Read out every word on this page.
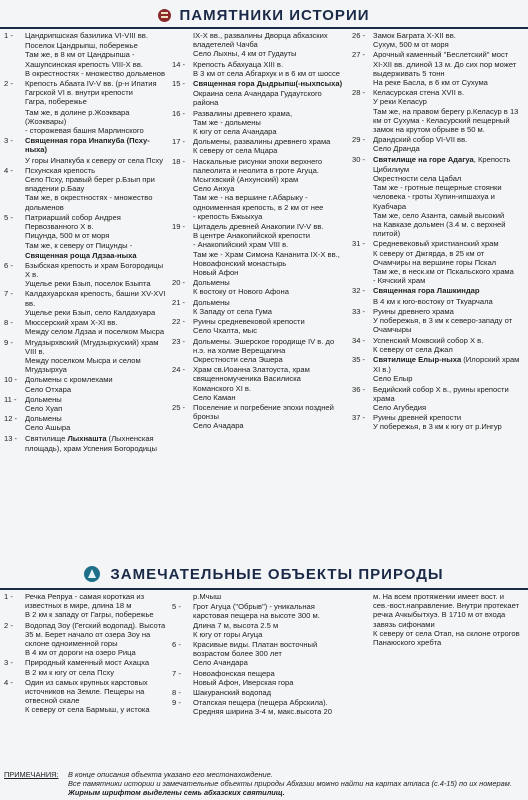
ПАМЯТНИКИ ИСТОРИИ
1 -	Цандрипшская базилика VI-VIII вв.
Поселок Цандрыпш, побережье
Там же, в 8 км от Цандрыпша -
Хашупсинская крепость VIII-Х вв.
В окрестностях - множество дольменов
2 -	Крепость Абаата IV-V вв. (р-н Ипатия
Гагрской VI в. внутри крепости
Гагра, побережье
Там же, в долине р.Жоэквара (Жоэквары)
- сторожевая башня Марлинского
3 -	Священная гора Инапкуба (Псху-ныха)
У горы Инапкуба к северу от села Псху
4 -	Псхунская крепость
Село Псху, правый берег р.Бзып при
впадении р.Баау
Там же, в окрестностях - множество
дольменов
5 -	Патриарший собор Андрея
Первозванного Х в.
Пицунда, 500 м от моря
Там же, к северу от Пицунды - Священная роща Лдзаа-ныха
6 -	Бзыбская крепость и храм Богородицы
Х в.
Ущелье реки Бзып, поселок Бзыпта
7 -	Калдахуарская крепость, башни XV-XVI
вв.
Ущелье реки Бзып, село Калдахуара
8 -	Мюссерский храм Х-XI вв.
Между селом Лдзаа и поселком Мысра
9 -	Мгудзырхвский (Мгудзырхуский) храм
VIII в.
Между поселком Мысра и селом
Мгудзырхуа
10 -	Дольмены с кромлехами
Село Отхара
11 -	Дольмены
Село Хуап
12 -	Дольмены
Село Ашыра
13 -	Святилище Лыхнашта (Лыхненская
площадь), храм Успения Богородицы
IX-X вв., развалины Дворца абхазских
владетелей Чачба
Село Лыхны, 4 км от Гудауты
14 -	Крепость Абахуаца XIII в.
В 3 км от села Абгархук и в 6 км от шоссе
15 -	Священная гора Дыдрыпш(-ныхпсыха)
Окраина села Ачандара Гудаутского
района
16 -	Развалины древнего храма,
Там же - дольмены
К югу от села Ачандара
17 -	Дольмены, развалины древнего храма
К северу от села Мцара
18 -	Наскальные рисунки эпохи верхнего
палеолита и неолита в гроте Агуца.
Мсыгхвский (Анхунский) храм
Село Анхуа
Там же - на вершине г.Абарыку -
одноименная крепость, в 2 км от нее
- крепость Бжьыхуа
19 -	Цитадель древней Анакопии IV-V вв.
В центре Анакопийской крепости
- Анакопийский храм VIII в.
Там же - Храм Симона Кананита IX-Х вв.,
Новоафонский монастырь
Новый Афон
20 -	Дольмены
К востоку от Нового Афона
21 -	Дольмены
К Западу от села Гума
22 -	Руины средневековой крепости
Село Чхалта, мыс
23 -	Дольмены. Эшерское городище IV в. до
н.э. на холме Верещагина
Окрестности села Эшера
24 -	Храм св.Иоанна Златоуста, храм
священномученика Василиска
Команского XI в.
Село Каман
25 -	Поселение и погребение эпохи поздней
бронзы
Село Ачадара
26 -	Замок Баграта X-XII вв.
Сухум, 500 м от моря
27 -	Арочный каменный "Беслетский" мост
XI-XII вв. длиной 13 м. До сих пор может
выдерживать 5 тонн
На реке Басла, в 6 км от Сухума
28 -	Келасурская стена XVII в.
У реки Келасур
Там же, на правом берегу р.Келасур в 13
км от Сухума - Келасурский пещерный
замок на крутом обрыве в 50 м.
29 -	Драндский собор VI-VII вв.
Село Дранда
30 -	Святилище на горе Адагуа, Крепость
Цибилиум
Окрестности села Цабал
Там же - гротные пещерные стоянки
человека - гроты Хупин-ипшахуа и
Куабчара
Там же, село Азанта, самый высокий
на Кавказе дольмен (3.4 м. с верхней
плитой)
31 -	Средневековый христианский храм
К северу от Джгярда, в 25 км от
Очамчиры на вершине горы Пскал
Там же, в неск.км от Пскальского храма
- Кячский храм
32 -	Священная гора Лашкиндар
В 4 км к юго-востоку от Ткуарчала
33 -	Руины древнего храма
У побережья, в 3 км к северо-западу от
Очамчыры
34 -	Успенский Моквский собор X в.
К северу от села Джал
35 -	Святилище Елыр-ныха (Илорский храм
XI в.)
Село Елыр
36 -	Бедийский собор X в., руины крепости
храма
Село Агубедия
37 -	Руины древней крепости
У побережья, в 3 км к югу от р.Ингур
ЗАМЕЧАТЕЛЬНЫЕ ОБЪЕКТЫ ПРИРОДЫ
1 -	Речка Репруа - самая короткая из
известных в мире, длина 18 м
В 2 км к западу от Гагры, побережье
2 -	Водопад Зоу (Гегский водопад). Высота
35 м. Берет начало от озера Зоу на
склоне одноименной горы
В 4 км от дороги на озеро Рица
3 -	Природный каменный мост Ахацха
В 2 км к югу от села Псху
4 -	Один из самых крупных карстовых
источников на Земле. Пещеры на
отвесной скале
К северу от села Бармыш, у истока
р.Мчыш
5 -	Грот Агуца ("Обрыв") - уникальная
карстовая пещера на высоте 300 м.
Длина 7 м, высота 2.5 м
К югу от горы Агуца
6 -	Красивые виды. Платан восточный
возрастом более 300 лет
Село Ачандара
7 -	Новоафонская пещера
Новый Афон, Иверская гора
8 -	Шакуранский водопад
9 -	Отапская пещера (пещера Абрскила).
Средняя ширина 3-4 м, макс.высота 20
м. На всем протяжении имеет вост. и
сев.-вост.направление. Внутри протекает
речка Ачкыбытхуэ. В 1710 м от входа
завязь сифонами
К северу от села Отап, на склоне отрогов
Панаюского хребта
ПРИМЕЧАНИЯ: В конце описания объекта указано его местонахождение.
Все памятники истории и замечательные объекты природы Абхазии можно найти на картах атласа (с.4-15) по их номерам.
Жирным шрифтом выделены семь абхазских святилищ.
